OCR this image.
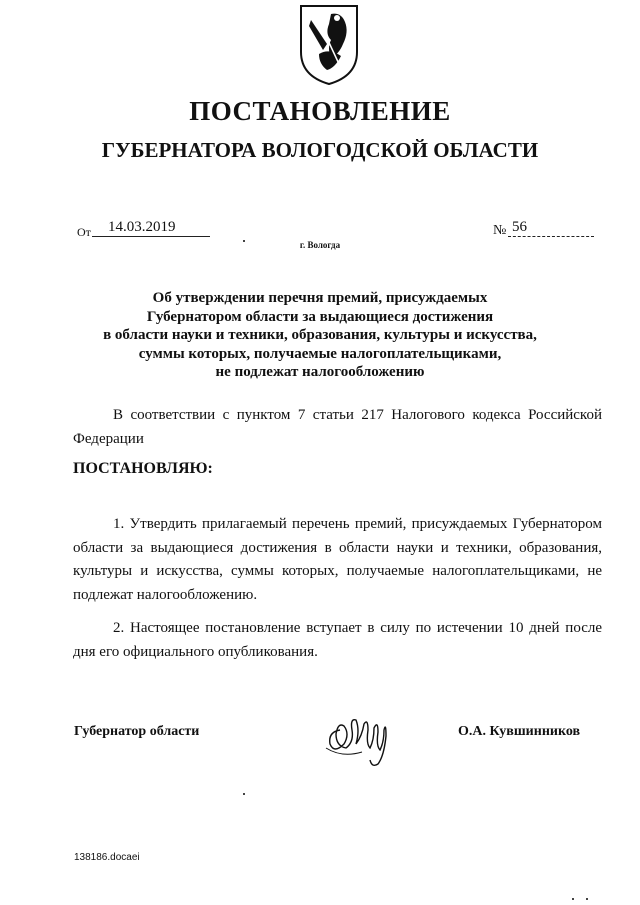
ПОСТАНОВЛЕНИЕ
ГУБЕРНАТОРА ВОЛОГОДСКОЙ ОБЛАСТИ
От 14.03.2019	№ 56
г. Вологда
Об утверждении перечня премий, присуждаемых
Губернатором области за выдающиеся достижения
в области науки и техники, образования, культуры и искусства,
суммы которых, получаемые налогоплательщиками,
не подлежат налогообложению
В соответствии с пунктом 7 статьи 217 Налогового кодекса Российской Федерации
ПОСТАНОВЛЯЮ:
1. Утвердить прилагаемый перечень премий, присуждаемых Губернатором области за выдающиеся достижения в области науки и техники, образования, культуры и искусства, суммы которых, получаемые налогоплательщиками, не подлежат налогообложению.
2. Настоящее постановление вступает в силу по истечении 10 дней после дня его официального опубликования.
Губернатор области	О.А. Кувшинников
138186.docaei
